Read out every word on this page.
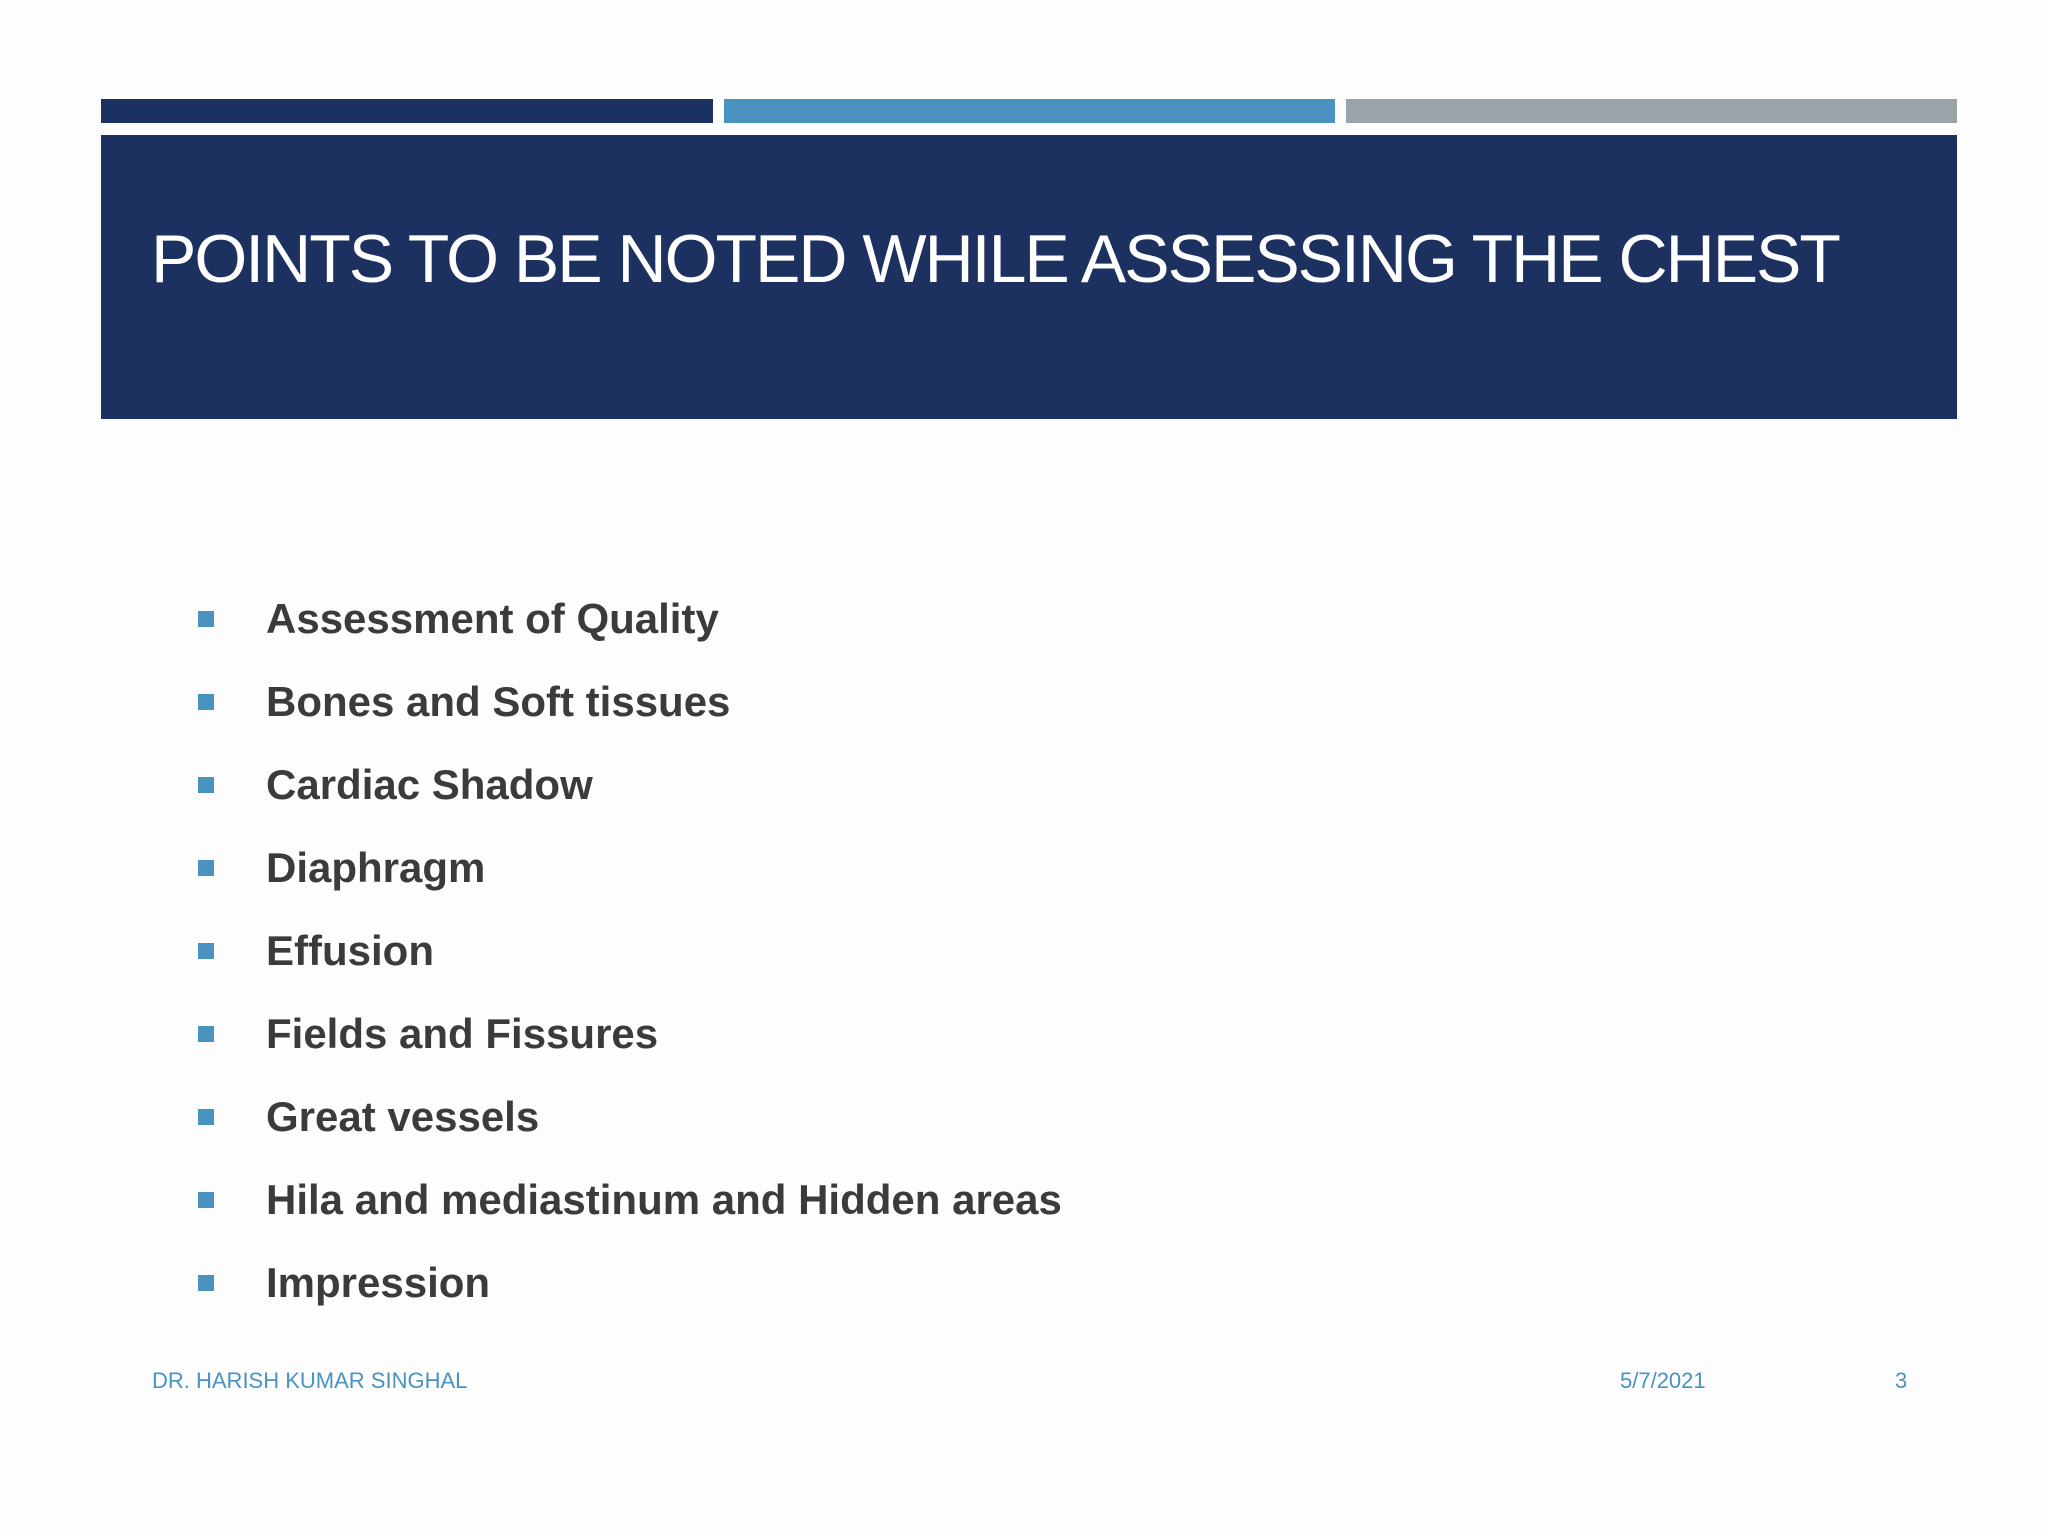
POINTS TO BE NOTED WHILE ASSESSING THE CHEST
Assessment of Quality
Bones and Soft tissues
Cardiac Shadow
Diaphragm
Effusion
Fields and Fissures
Great vessels
Hila and mediastinum and Hidden areas
Impression
DR. HARISH KUMAR SINGHAL	5/7/2021	3
